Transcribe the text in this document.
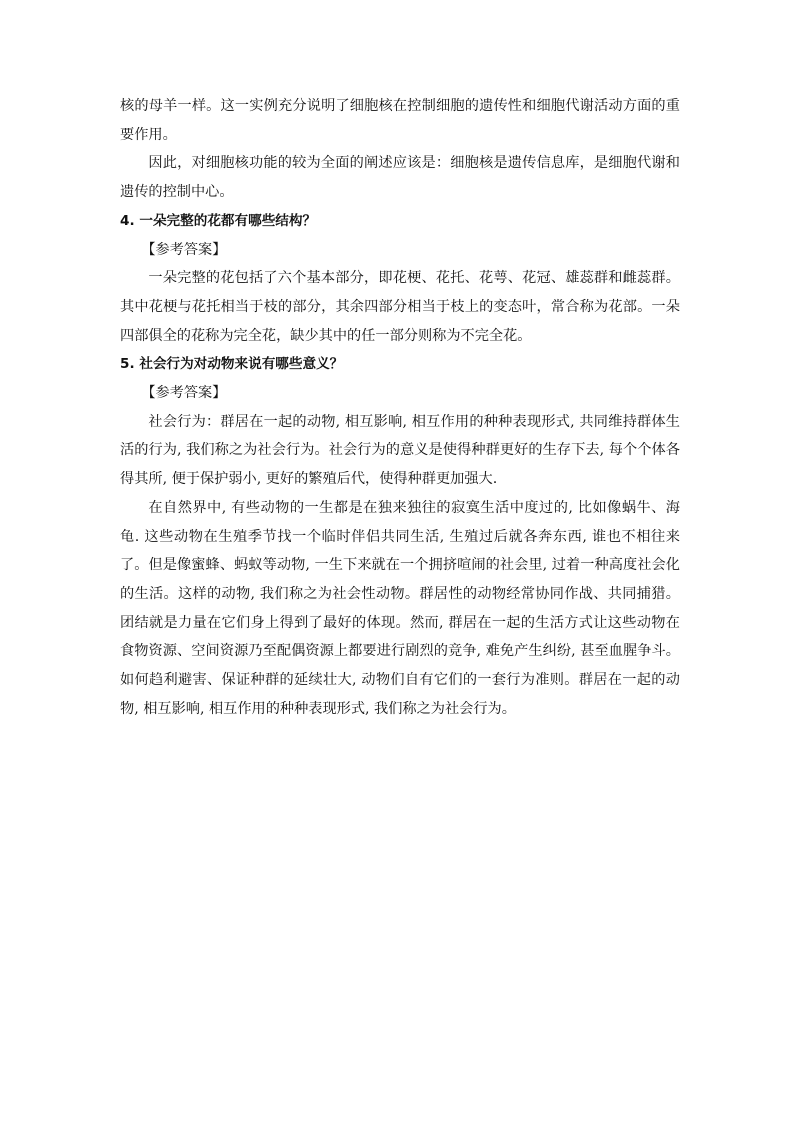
核的母羊一样。这一实例充分说明了细胞核在控制细胞的遗传性和细胞代谢活动方面的重要作用。

因此，对细胞核功能的较为全面的阐述应该是：细胞核是遗传信息库，是细胞代谢和遗传的控制中心。

4. 一朵完整的花都有哪些结构？

【参考答案】

一朵完整的花包括了六个基本部分，即花梗、花托、花萼、花冠、雄蕊群和雌蕊群。其中花梗与花托相当于枝的部分，其余四部分相当于枝上的变态叶，常合称为花部。一朵四部俱全的花称为完全花，缺少其中的任一部分则称为不完全花。

5. 社会行为对动物来说有哪些意义？

【参考答案】

社会行为：群居在一起的动物, 相互影响, 相互作用的种种表现形式, 共同维持群体生活的行为, 我们称之为社会行为。社会行为的意义是使得种群更好的生存下去, 每个个体各得其所, 便于保护弱小, 更好的繁殖后代，使得种群更加强大.

在自然界中, 有些动物的一生都是在独来独往的寂寞生活中度过的, 比如像蜗牛、海龟. 这些动物在生殖季节找一个临时伴侣共同生活, 生殖过后就各奔东西, 谁也不相往来了。但是像蜜蜂、蚂蚁等动物, 一生下来就在一个拥挤喧闹的社会里, 过着一种高度社会化的生活。这样的动物, 我们称之为社会性动物。群居性的动物经常协同作战、共同捕猎。团结就是力量在它们身上得到了最好的体现。然而, 群居在一起的生活方式让这些动物在食物资源、空间资源乃至配偶资源上都要进行剧烈的竞争, 难免产生纠纷, 甚至血腥争斗。如何趋利避害、保证种群的延续壮大, 动物们自有它们的一套行为准则。群居在一起的动物, 相互影响, 相互作用的种种表现形式, 我们称之为社会行为。
